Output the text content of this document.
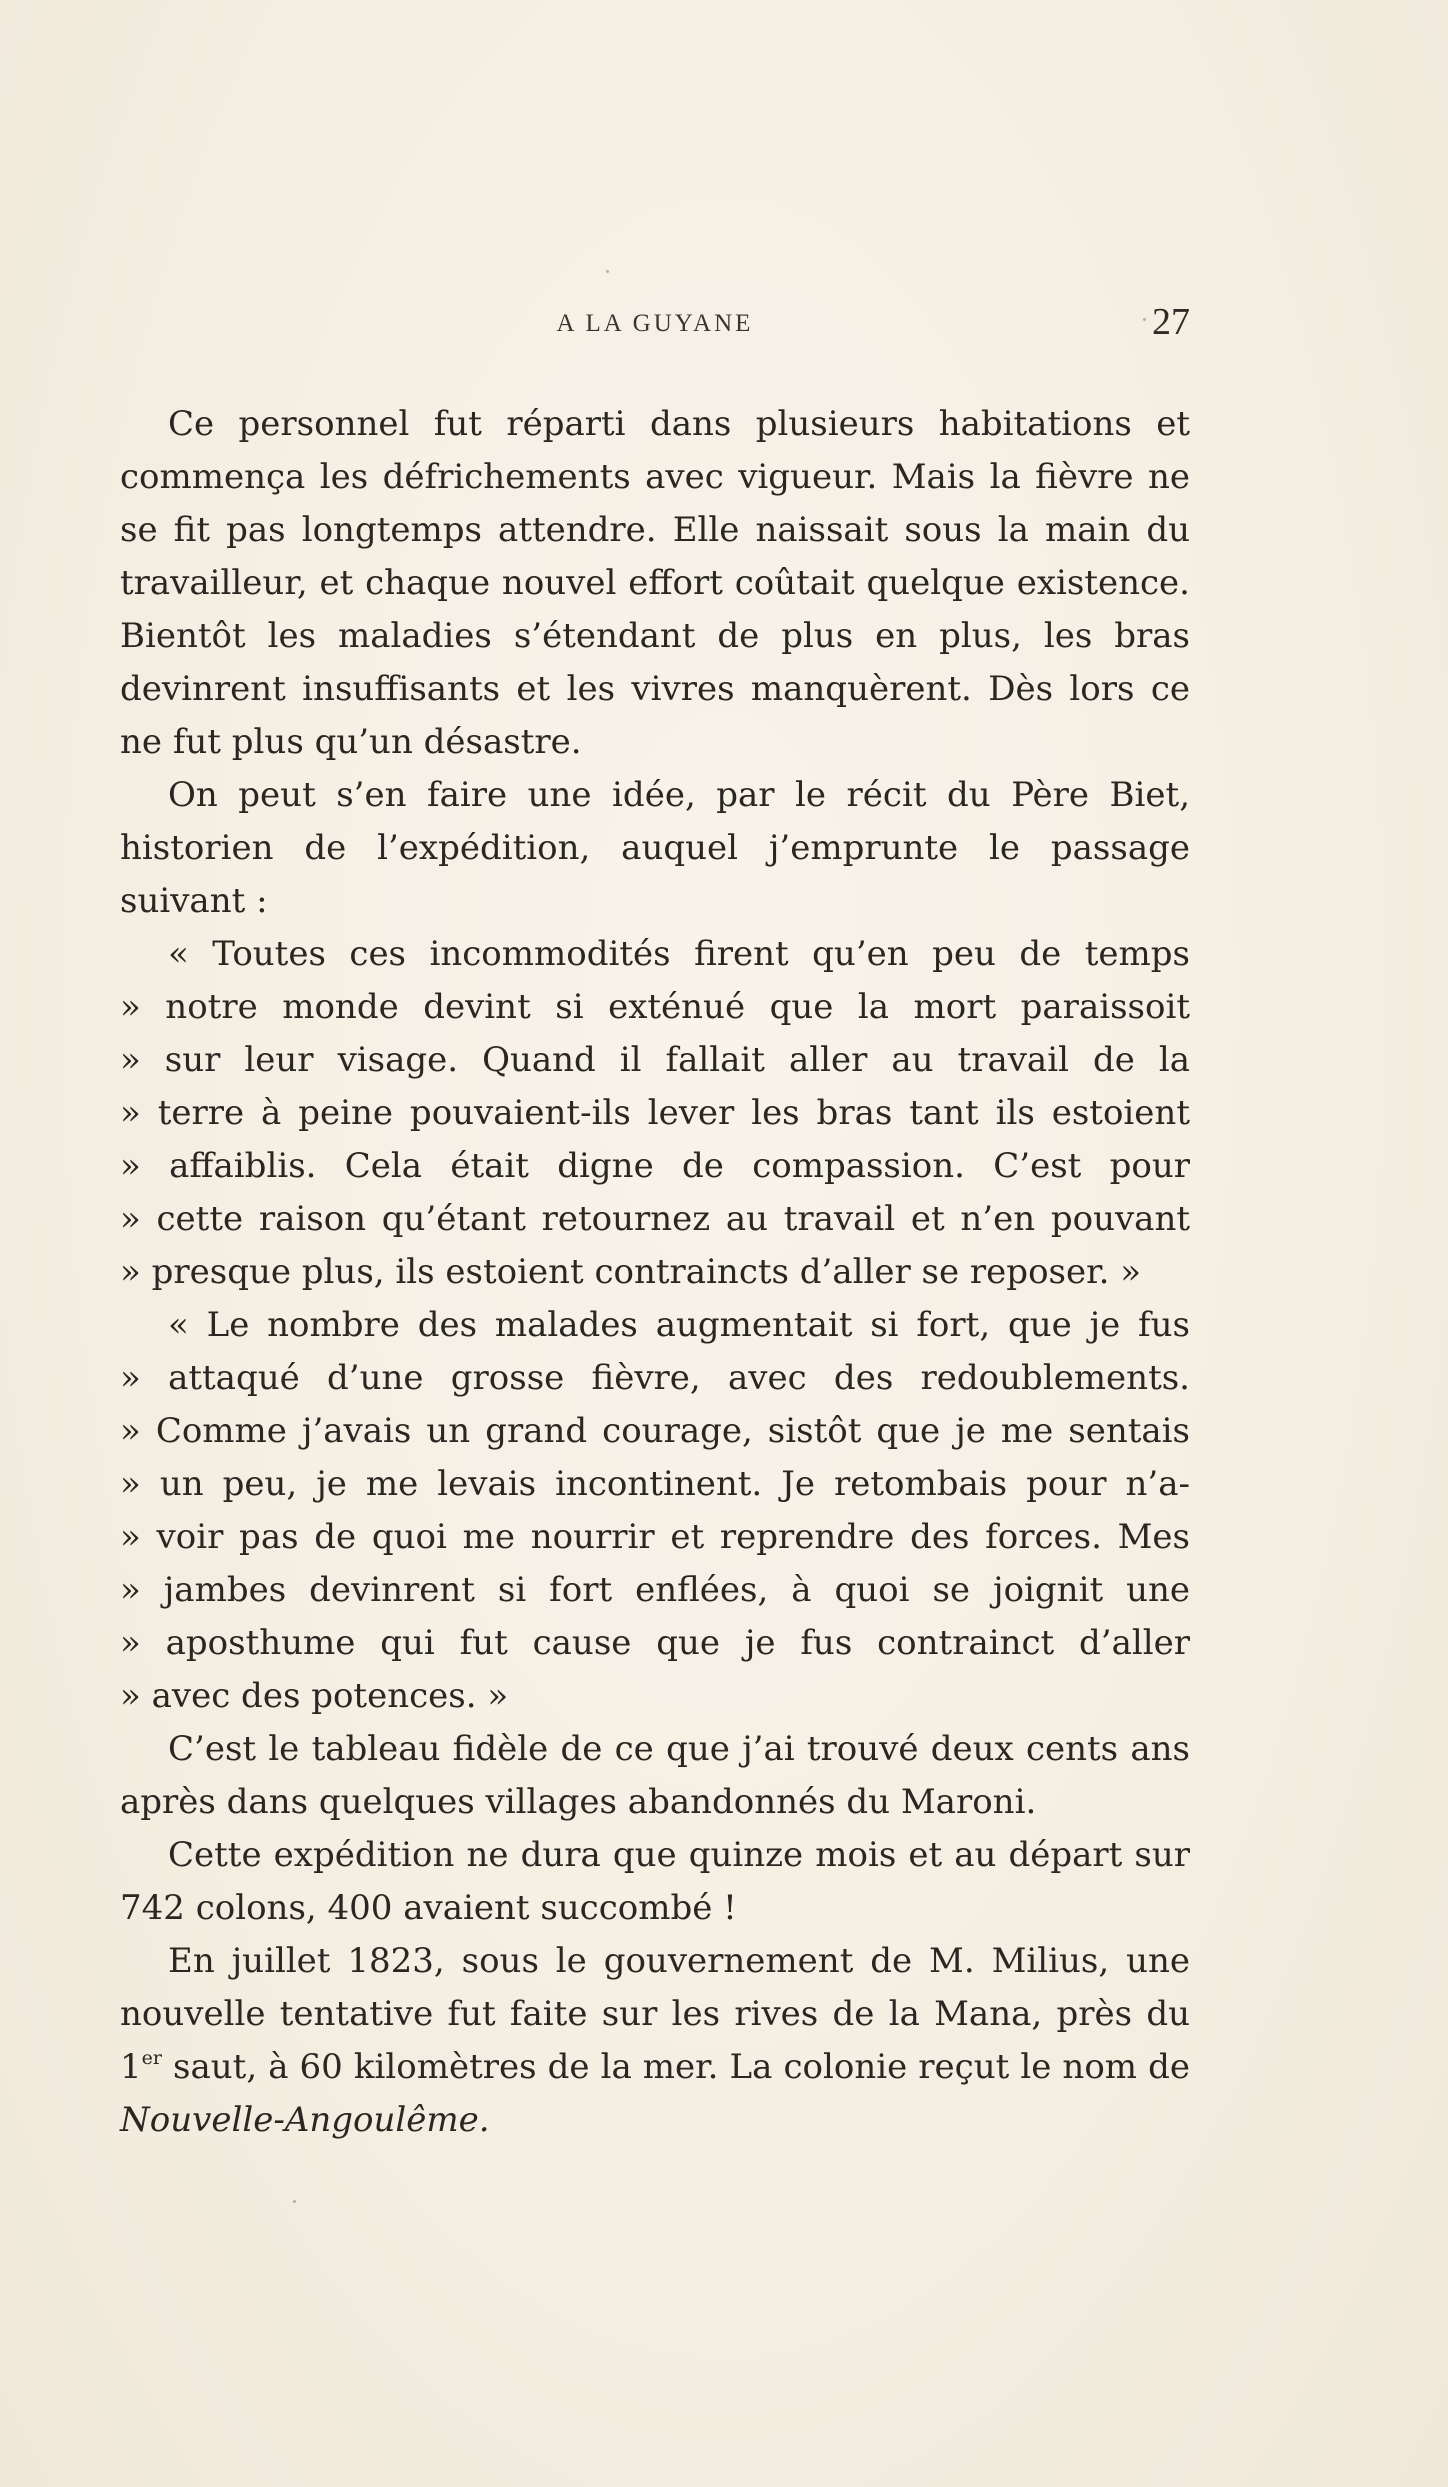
A LA GUYANE	27

Ce personnel fut réparti dans plusieurs habitations et commença les défrichements avec vigueur. Mais la fièvre ne se fit pas longtemps attendre. Elle naissait sous la main du travailleur, et chaque nouvel effort coûtait quelque existence. Bientôt les maladies s’étendant de plus en plus, les bras devinrent insuffisants et les vivres manquèrent. Dès lors ce ne fut plus qu’un désastre.

On peut s’en faire une idée, par le récit du Père Biet, historien de l’expédition, auquel j’emprunte le passage suivant :

« Toutes ces incommodités firent qu’en peu de temps

» notre monde devint si exténué que la mort paraissoit

» sur leur visage. Quand il fallait aller au travail de la

» terre à peine pouvaient-ils lever les bras tant ils estoient

» affaiblis. Cela était digne de compassion. C’est pour

» cette raison qu’étant retournez au travail et n’en pouvant

» presque plus, ils estoient contraincts d’aller se reposer. »

« Le nombre des malades augmentait si fort, que je fus

» attaqué d’une grosse fièvre, avec des redoublements.

» Comme j’avais un grand courage, sistôt que je me sentais

» un peu, je me levais incontinent. Je retombais pour n’a-

» voir pas de quoi me nourrir et reprendre des forces. Mes

» jambes devinrent si fort enflées, à quoi se joignit une

» aposthume qui fut cause que je fus contrainct d’aller

» avec des potences. »

C’est le tableau fidèle de ce que j’ai trouvé deux cents ans après dans quelques villages abandonnés du Maroni.

Cette expédition ne dura que quinze mois et au départ sur 742 colons, 400 avaient succombé !

En juillet 1823, sous le gouvernement de M. Milius, une nouvelle tentative fut faite sur les rives de la Mana, près du 1er saut, à 60 kilomètres de la mer. La colonie reçut le nom de Nouvelle-Angoulême.
